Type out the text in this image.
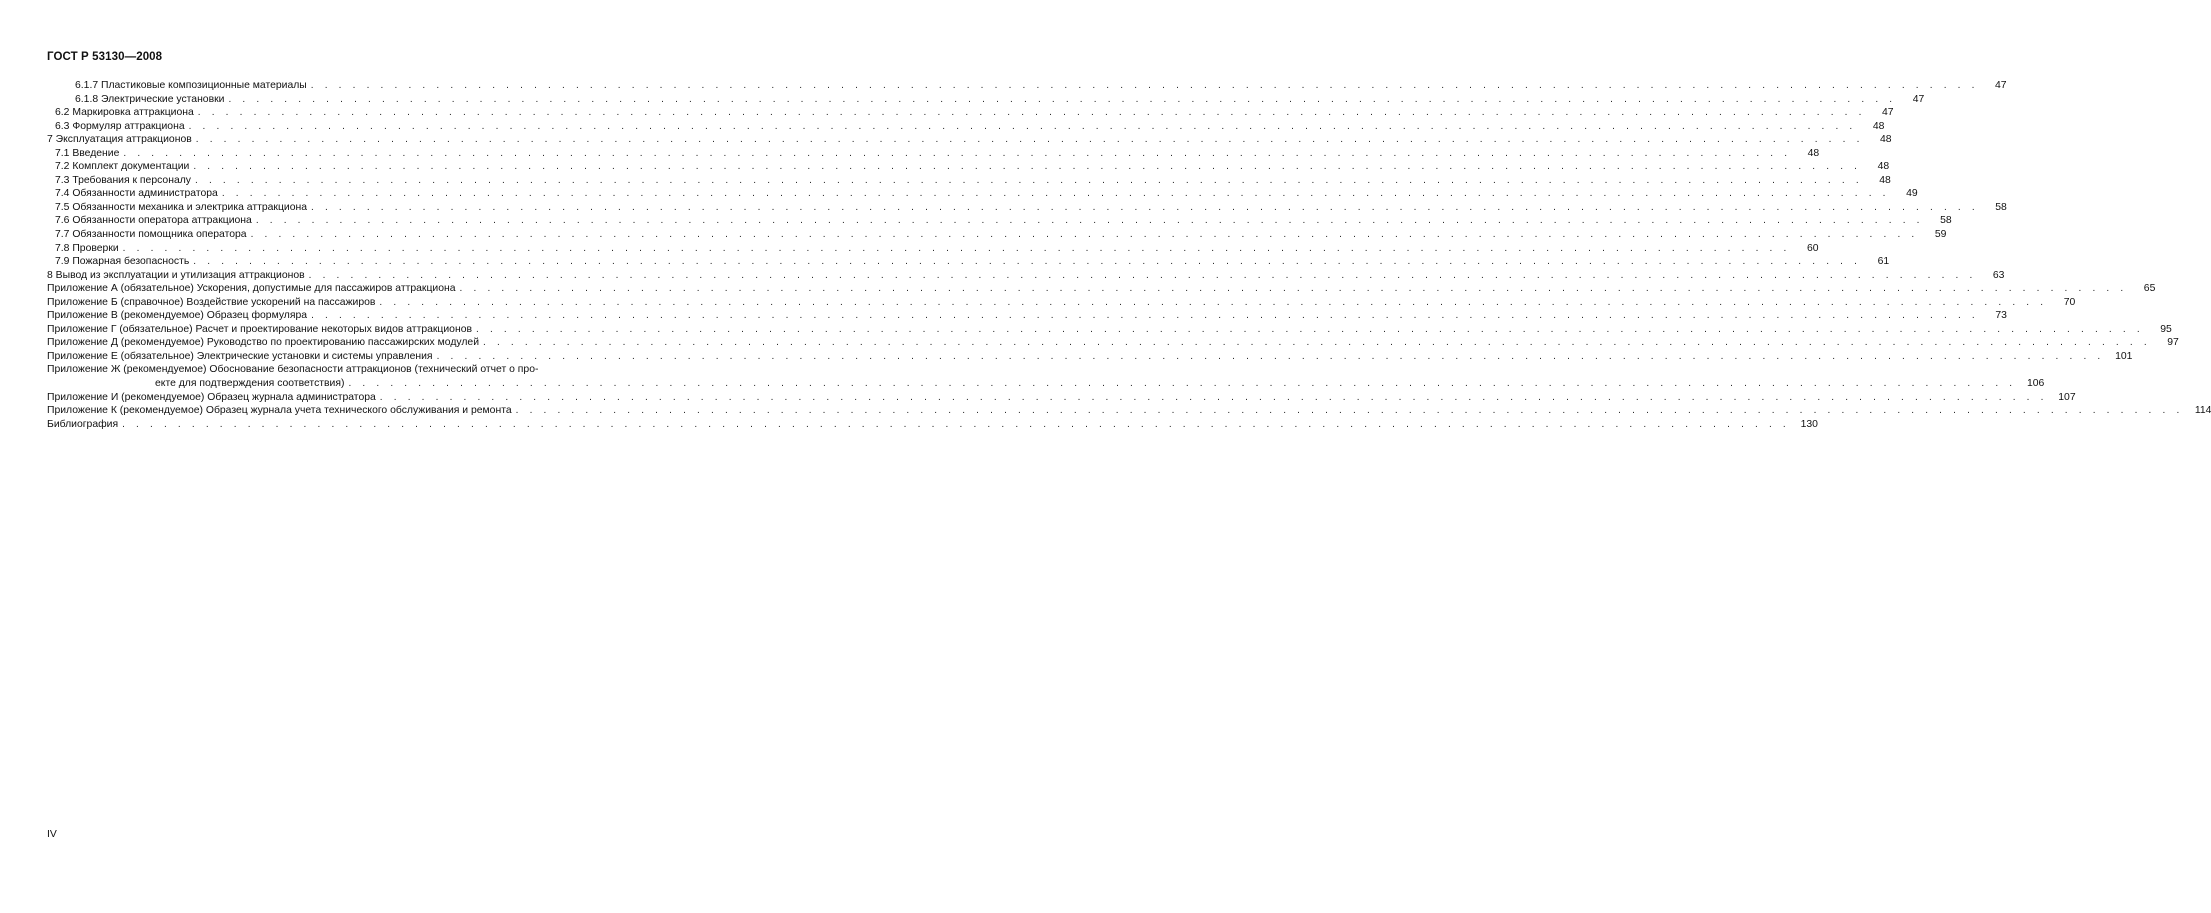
ГОСТ Р 53130—2008
6.1.7 Пластиковые композиционные материалы . . . . . . . . . . . . . . . . . . . . . . . . . . . . . . . . . . . . . . . . . . . . . . . . . . . . . . . . . . . . . . . . . . . . . . . . . . . . . . . . . . . . . . . . . . . . . . . . . . . . . . . . . . . . . . . . . . . . . . . .	47
6.1.8 Электрические установки . . . . . . . . . . . . . . . . . . . . . . . . . . . . . . . . . . . . . . . . . . . . . . . . . . . . . . . . . . . . . . . . . . . . . . . . . . . . . . . . . . . . . . . . . . . . . . . . . . . . . . . . . . . . . . . . . . . . . . . .	47
6.2 Маркировка аттракциона . . . . . . . . . . . . . . . . . . . . . . . . . . . . . . . . . . . . . . . . . . . . . . . . . . . . . . . . . . . . . . . . . . . . . . . . . . . . . . . . . . . . . . . . . . . . . . . . . . . . . . . . . . . . . . . . . . . . . . . .	47
6.3 Формуляр аттракциона . . . . . . . . . . . . . . . . . . . . . . . . . . . . . . . . . . . . . . . . . . . . . . . . . . . . . . . . . . . . . . . . . . . . . . . . . . . . . . . . . . . . . . . . . . . . . . . . . . . . . . . . . . . . . . . . . . . . . . . .	48
7 Эксплуатация аттракционов . . . . . . . . . . . . . . . . . . . . . . . . . . . . . . . . . . . . . . . . . . . . . . . . . . . . . . . . . . . . . . . . . . . . . . . . . . . . . . . . . . . . . . . . . . . . . . . . . . . . . . . . . . . . . . . . . . . . . . . .	48
7.1 Введение . . . . . . . . . . . . . . . . . . . . . . . . . . . . . . . . . . . . . . . . . . . . . . . . . . . . . . . . . . . . . . . . . . . . . . . . . . . . . . . . . . . . . . . . . . . . . . . . . . . . . . . . . . . . . . . . . . . . . . . .	48
7.2 Комплект документации . . . . . . . . . . . . . . . . . . . . . . . . . . . . . . . . . . . . . . . . . . . . . . . . . . . . . . . . . . . . . . . . . . . . . . . . . . . . . . . . . . . . . . . . . . . . . . . . . . . . . . . . . . . . . . . . . . . . . . . .	48
7.3 Требования к персоналу . . . . . . . . . . . . . . . . . . . . . . . . . . . . . . . . . . . . . . . . . . . . . . . . . . . . . . . . . . . . . . . . . . . . . . . . . . . . . . . . . . . . . . . . . . . . . . . . . . . . . . . . . . . . . . . . . . . . . . . .	48
7.4 Обязанности администратора . . . . . . . . . . . . . . . . . . . . . . . . . . . . . . . . . . . . . . . . . . . . . . . . . . . . . . . . . . . . . . . . . . . . . . . . . . . . . . . . . . . . . . . . . . . . . . . . . . . . . . . . . . . . . . . . . . . . . . . .	49
7.5 Обязанности механика и электрика аттракциона . . . . . . . . . . . . . . . . . . . . . . . . . . . . . . . . . . . . . . . . . . . . . . . . . . . . . . . . . . . . . . . . . . . . . . . . . . . . . . . . . . . . . . . . . . . . . . . . . . . . . . . . . . . . . . . . . . . . . . . .	58
7.6 Обязанности оператора аттракциона . . . . . . . . . . . . . . . . . . . . . . . . . . . . . . . . . . . . . . . . . . . . . . . . . . . . . . . . . . . . . . . . . . . . . . . . . . . . . . . . . . . . . . . . . . . . . . . . . . . . . . . . . . . . . . . . . . . . . . . .	58
7.7 Обязанности помощника оператора . . . . . . . . . . . . . . . . . . . . . . . . . . . . . . . . . . . . . . . . . . . . . . . . . . . . . . . . . . . . . . . . . . . . . . . . . . . . . . . . . . . . . . . . . . . . . . . . . . . . . . . . . . . . . . . . . . . . . . . .	59
7.8 Проверки . . . . . . . . . . . . . . . . . . . . . . . . . . . . . . . . . . . . . . . . . . . . . . . . . . . . . . . . . . . . . . . . . . . . . . . . . . . . . . . . . . . . . . . . . . . . . . . . . . . . . . . . . . . . . . . . . . . . . . . .	60
7.9 Пожарная безопасность . . . . . . . . . . . . . . . . . . . . . . . . . . . . . . . . . . . . . . . . . . . . . . . . . . . . . . . . . . . . . . . . . . . . . . . . . . . . . . . . . . . . . . . . . . . . . . . . . . . . . . . . . . . . . . . . . . . . . . . .	61
8 Вывод из эксплуатации и утилизация аттракционов . . . . . . . . . . . . . . . . . . . . . . . . . . . . . . . . . . . . . . . . . . . . . . . . . . . . . . . . . . . . . . . . . . . . . . . . . . . . . . . . . . . . . . . . . . . . . . . . . . . . . . . . . . . . . . . . . . . . . . . .	63
Приложение А (обязательное) Ускорения, допустимые для пассажиров аттракциона . . . . . . . . . . . . . . . . . . . . . . . . . . . . . . . . . . . . . . . . . . . . . . . . . . . . . . . . . . . . . . . . . . . . . . . . . . . . . . . . . . . . . . . . . . . . . . . . . . . . . . . . . . . . . . . . . . . . . . . .	65
Приложение Б (справочное) Воздействие ускорений на пассажиров . . . . . . . . . . . . . . . . . . . . . . . . . . . . . . . . . . . . . . . . . . . . . . . . . . . . . . . . . . . . . . . . . . . . . . . . . . . . . . . . . . . . . . . . . . . . . . . . . . . . . . . . . . . . . . . . . . . . . . . .	70
Приложение В (рекомендуемое) Образец формуляра . . . . . . . . . . . . . . . . . . . . . . . . . . . . . . . . . . . . . . . . . . . . . . . . . . . . . . . . . . . . . . . . . . . . . . . . . . . . . . . . . . . . . . . . . . . . . . . . . . . . . . . . . . . . . . . . . . . . . . . .	73
Приложение Г (обязательное) Расчет и проектирование некоторых видов аттракционов . . . . . . . . . . . . . . . . . . . . . . . . . . . . . . . . . . . . . . . . . . . . . . . . . . . . . . . . . . . . . . . . . . . . . . . . . . . . . . . . . . . . . . . . . . . . . . . . . . . . . . . . . . . . . . . . . . . . . . . .	95
Приложение Д (рекомендуемое) Руководство по проектированию пассажирских модулей . . . . . . . . . . . . . . . . . . . . . . . . . . . . . . . . . . . . . . . . . . . . . . . . . . . . . . . . . . . . . . . . . . . . . . . . . . . . . . . . . . . . . . . . . . . . . . . . . . . . . . . . . . . . . . . . . . . . . . . .	97
Приложение Е (обязательное) Электрические установки и системы управления . . . . . . . . . . . . . . . . . . . . . . . . . . . . . . . . . . . . . . . . . . . . . . . . . . . . . . . . . . . . . . . . . . . . . . . . . . . . . . . . . . . . . . . . . . . . . . . . . . . . . . . . . . . . . . . . . . . . . . . .	101
Приложение Ж (рекомендуемое) Обоснование безопасности аттракционов (технический отчет о про-
екте для подтверждения соответствия) . . . . . . . . . . . . . . . . . . . . . . . . . . . . . . . . . . . . . . . . . . . . . . . . . . . . . . . . . . . . . . . . . . . . . . . . . . . . . . . . . . . . . . . . . . . . . . . . . . . . . . . . . . . . . . . . . . . . . . . .	106
Приложение И (рекомендуемое) Образец журнала администратора . . . . . . . . . . . . . . . . . . . . . . . . . . . . . . . . . . . . . . . . . . . . . . . . . . . . . . . . . . . . . . . . . . . . . . . . . . . . . . . . . . . . . . . . . . . . . . . . . . . . . . . . . . . . . . . . . . . . . . . .	107
Приложение К (рекомендуемое) Образец журнала учета технического обслуживания и ремонта . . . . . . . . . . . . . . . . . . . . . . . . . . . . . . . . . . . . . . . . . . . . . . . . . . . . . . . . . . . . . . . . . . . . . . . . . . . . . . . . . . . . . . . . . . . . . . . . . . . . . . . . . . . . . . . . . . . . . . . .	114
Библиография . . . . . . . . . . . . . . . . . . . . . . . . . . . . . . . . . . . . . . . . . . . . . . . . . . . . . . . . . . . . . . . . . . . . . . . . . . . . . . . . . . . . . . . . . . . . . . . . . . . . . . . . . . . . . . . . . . . . . . . .	130
IV
